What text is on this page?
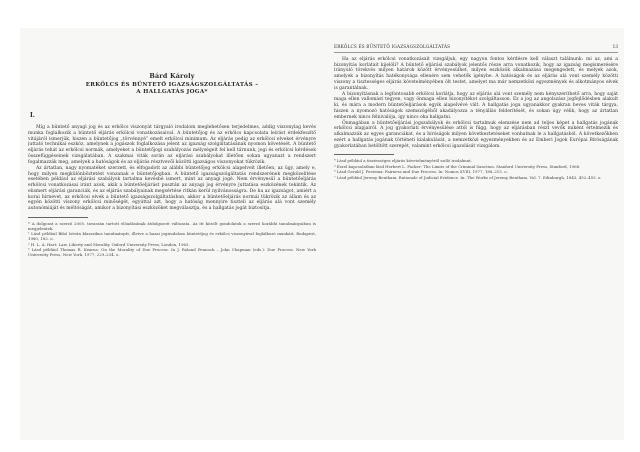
Bárd Károly
ERKÖLCS ÉS BÜNTETŐ IGAZSÁGSZOLGÁLTATÁS –
A HALLGATÁS JOGA*
I.

Míg a büntető anyagi jog és az erkölcs viszonyát tárgyaló irodalom meglehetősen terjedelmes, addig viszonylag kevés munka foglalkozik a büntető eljárás erkölcsi vonatkozásaival. A büntetőjog és az erkölcs kapcsolata leírást érdekfeszítő vitájáról ismerjük, hiszen a büntetőjog „törvénnyé” emelt erkölcsi minimum. Az eljárás pedig az erkölcsi elveket érvényre juttató technikai eszköz, amelynek a jogászok foglalkozása jelent az igazság szolgáltatásának nyomon követését. A büntető eljárás tehát az erkölcsi normák, amelyeket a büntetőjogi szabályozás mélységeit fel kell tárnunk, jogi és erkölcsi kérdések összefüggéseinek vizsgálatában. A szakmai viták során az eljárási szabályokat illetően sokan ugyanazt a rendszert fogalmazzák meg, amelyek a hatóságok és az eljárás résztvevői közötti igazságos viszonyokat tükrözik.

Az ártatlan, nagy nyomatéket szerzett, és elfogadott az alábbi büntetőjog erkölcsi alapelveit illetően, az ügy, amely e, hogy milyen megkülönböztetést vonzanak e büntetőjogban. A büntető igazságszolgáltatás rendszerének megközelítése esetében például az eljárási szabályok tartalma kevésbé ismert, mint az anyagi jogé. Nem érvényesül a büntetőeljárás erkölcsi vonatkozásai iránt azok, akik a büntetőeljárást pusztán az anyagi jog érvényre juttatása eszközének tekintik. Az elismert eljárási garanciák, és az eljárás szabályainak megsértése ritkán kerül nyilvánosságra. De ha az igazságot, amiért a korai hírnevet, az erkölcsi elvek a büntető igazságszolgáltatásban, akkor a büntetőeljárás normái tükrözik az állam és az egyén közötti viszony erkölcsi minőségét, egyúttal azt, hogy a hatóság mennyire tiszteli az eljárás alá vont személy autonómiáját és méltóságát, amikor a bizonyítási eszközöket megválasztja, és a hallgatás jogát biztosítja.

* A dolgozat a szerző 2005. tavaszán tartott előadásának átdolgozott változata. Az itt közölt gondolatok a szerző korábbi tanulmányaiban is megjelentek.

¹ Lásd például Bibó István klasszikus tanulmányát, illetve a hazai jogirodalom büntetőjog és erkölcs viszonyával foglalkozó munkáit, Budapest, 1980, 182. o.

² H. L. A. Hart: Law, Liberty and Morality. Oxford University Press, London, 1963.

³ Lásd például Thomas R. Kearns: On the Morality of Due Process. In J. Roland Pennock – John Chapman (eds.): Due Process. New York University Press, New York, 1977, 229–234. o.

ERKÖLCS ÉS BÜNTETŐ IGAZSÁGSZOLGÁLTATÁS	13

Ha az eljárás erkölcsi vonatkozásait vizsgáljuk, egy nagyon fontos kérdésre kell választ találnunk: mi az, ami a bizonyítás korlátait kijelöli? A büntető eljárási szabályok jelentős része arra vonatkozik, hogy az igazság megismerésére irányuló törekvés milyen határok között érvényesülhet, milyen eszközök alkalmazása megengedett, és melyek azok, amelyek a bizonyítás hatékonysága ellenére sem vehetők igénybe. A hatóságok és az eljárás alá vont személy közötti viszony a tisztességes eljárás követelményében ölt testet, amelyet ma már nemzetközi egyezmények és alkotmányos elvek is garantálnak.

A bizonyításnak a legfontosabb erkölcsi korlátja, hogy az eljárás alá vont személy nem kényszeríthető arra, hogy saját maga ellen vallomást tegyen, vagy önmaga ellen bizonyítékot szolgáltasson. Ez a jog az angolszász jogfejlődésben alakult ki, és mára a modern büntetőeljárások egyik alapelvévé vált. A hallgatás joga ugyanakkor gyakran heves viták tárgya, hiszen a nyomozó hatóságok szemszögéből akadályozza a tényállás felderítését, és sokan úgy vélik, hogy az ártatlan embernek nincs félnivalója, így nincs oka hallgatni.

Önmagában a büntetőeljárási jogszabályok és erkölcsi tartalmuk elemzése nem ad teljes képet a hallgatás jogának erkölcsi alapjairól. A jog gyakorlati érvényesülése attól is függ, hogy az eljárásban részt vevők miként értelmezik és alkalmazzák az egyes garanciákat, és a bíróságok milyen következtetéseket vonhatnak le a hallgatásból. A következőkben ezért a hallgatás jogának történeti kialakulását, a nemzetközi egyezményekben és az Emberi Jogok Európai Bíróságának gyakorlatában betöltött szerepét, valamint erkölcsi igazolását vizsgálom.

⁴ Lásd például a tisztességes eljárás követelményéről szóló irodalmat.

⁵ Ezzel kapcsolatban lásd Herbert L. Packer: The Limits of the Criminal Sanction. Stanford University Press, Stanford, 1968.

⁶ Lásd Gerald J. Postema: Fairness and Due Process. In: Nomos XVIII, 1977, 188–215. o.

⁷ Lásd például Jeremy Bentham: Rationale of Judicial Evidence. In: The Works of Jeremy Bentham. Vol. 7. Edinburgh, 1843, 452–455. o.
